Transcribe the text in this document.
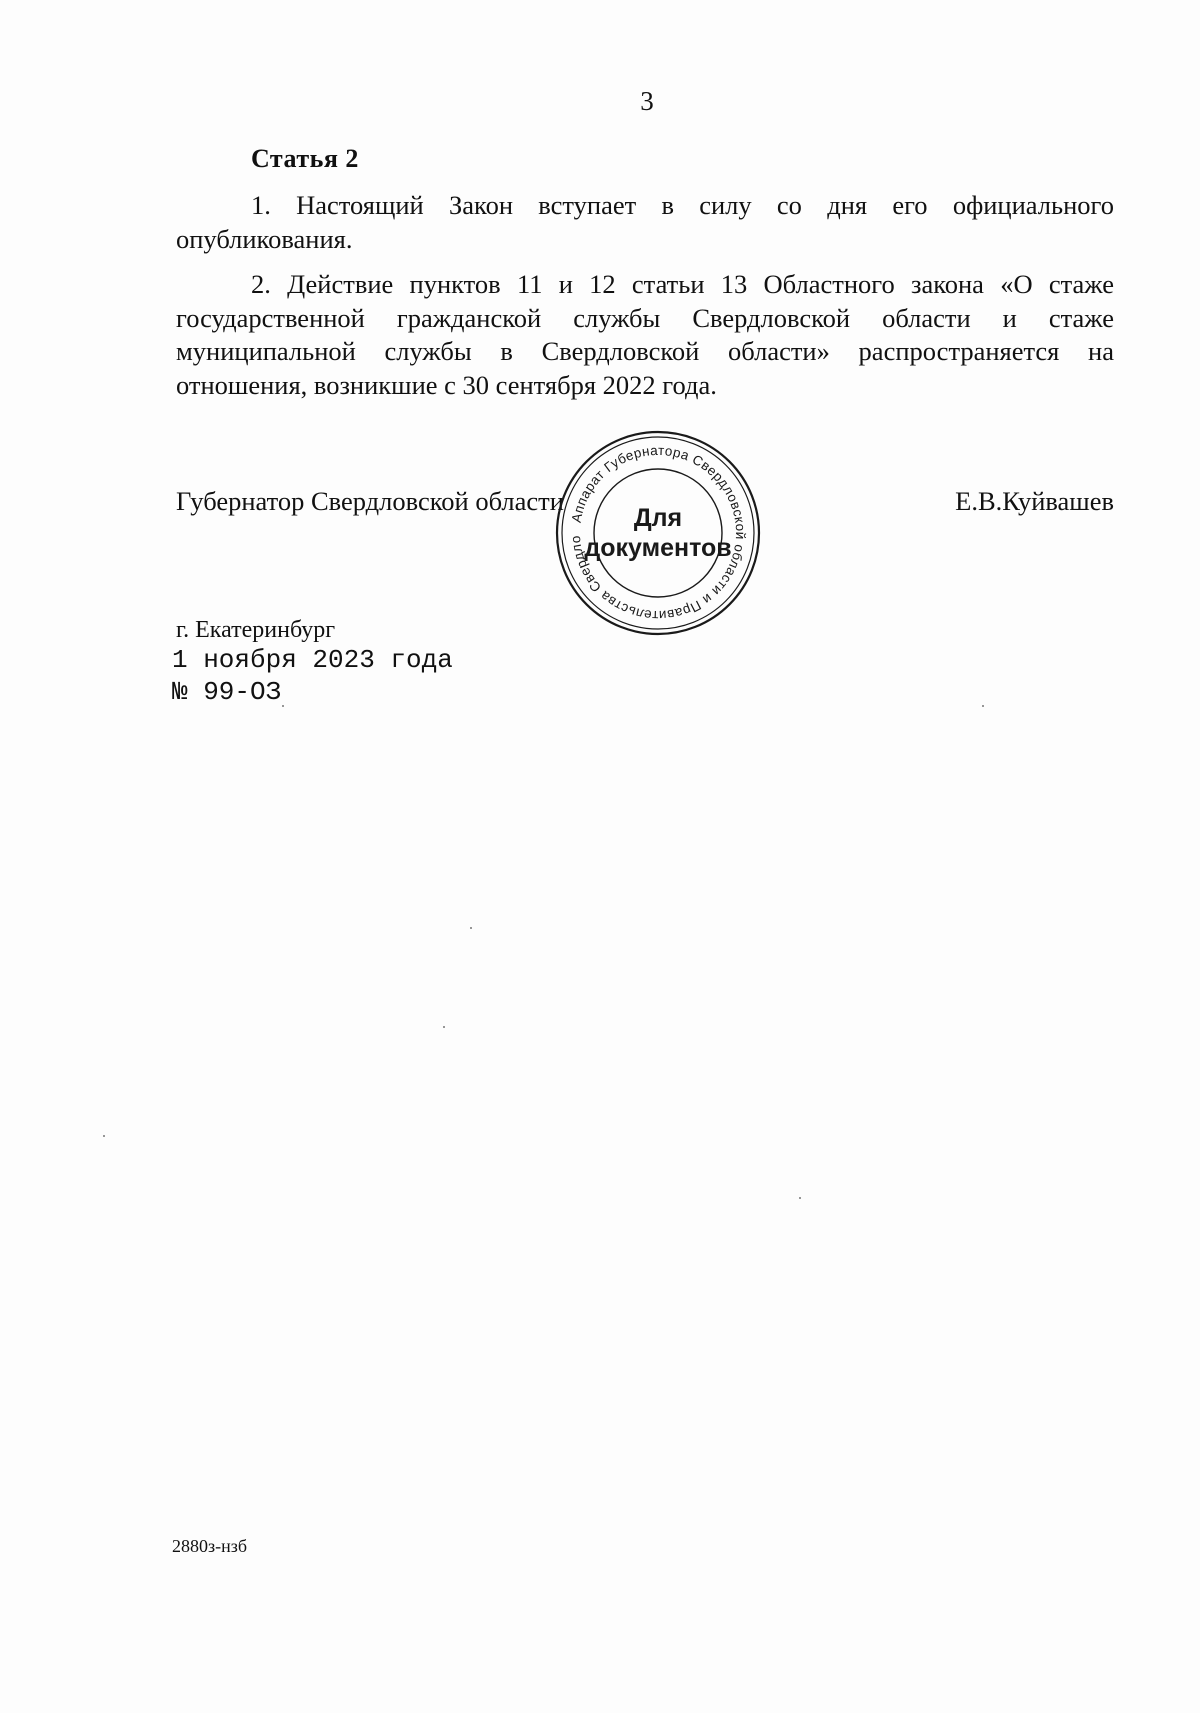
3
Статья 2

1. Настоящий Закон вступает в силу со дня его официального опубликования.

2. Действие пунктов 11 и 12 статьи 13 Областного закона «О стаже государственной гражданской службы Свердловской области и стаже муниципальной службы в Свердловской области» распространяется на отношения, возникшие с 30 сентября 2022 года.

Губернатор Свердловской области	Е.В.Куйвашев
Аппарат Губернатора Свердловской области и Правительства Свердло
Для
документов
г. Екатеринбург
1 ноября 2023 года
№ 99-ОЗ
2880з-нзб
